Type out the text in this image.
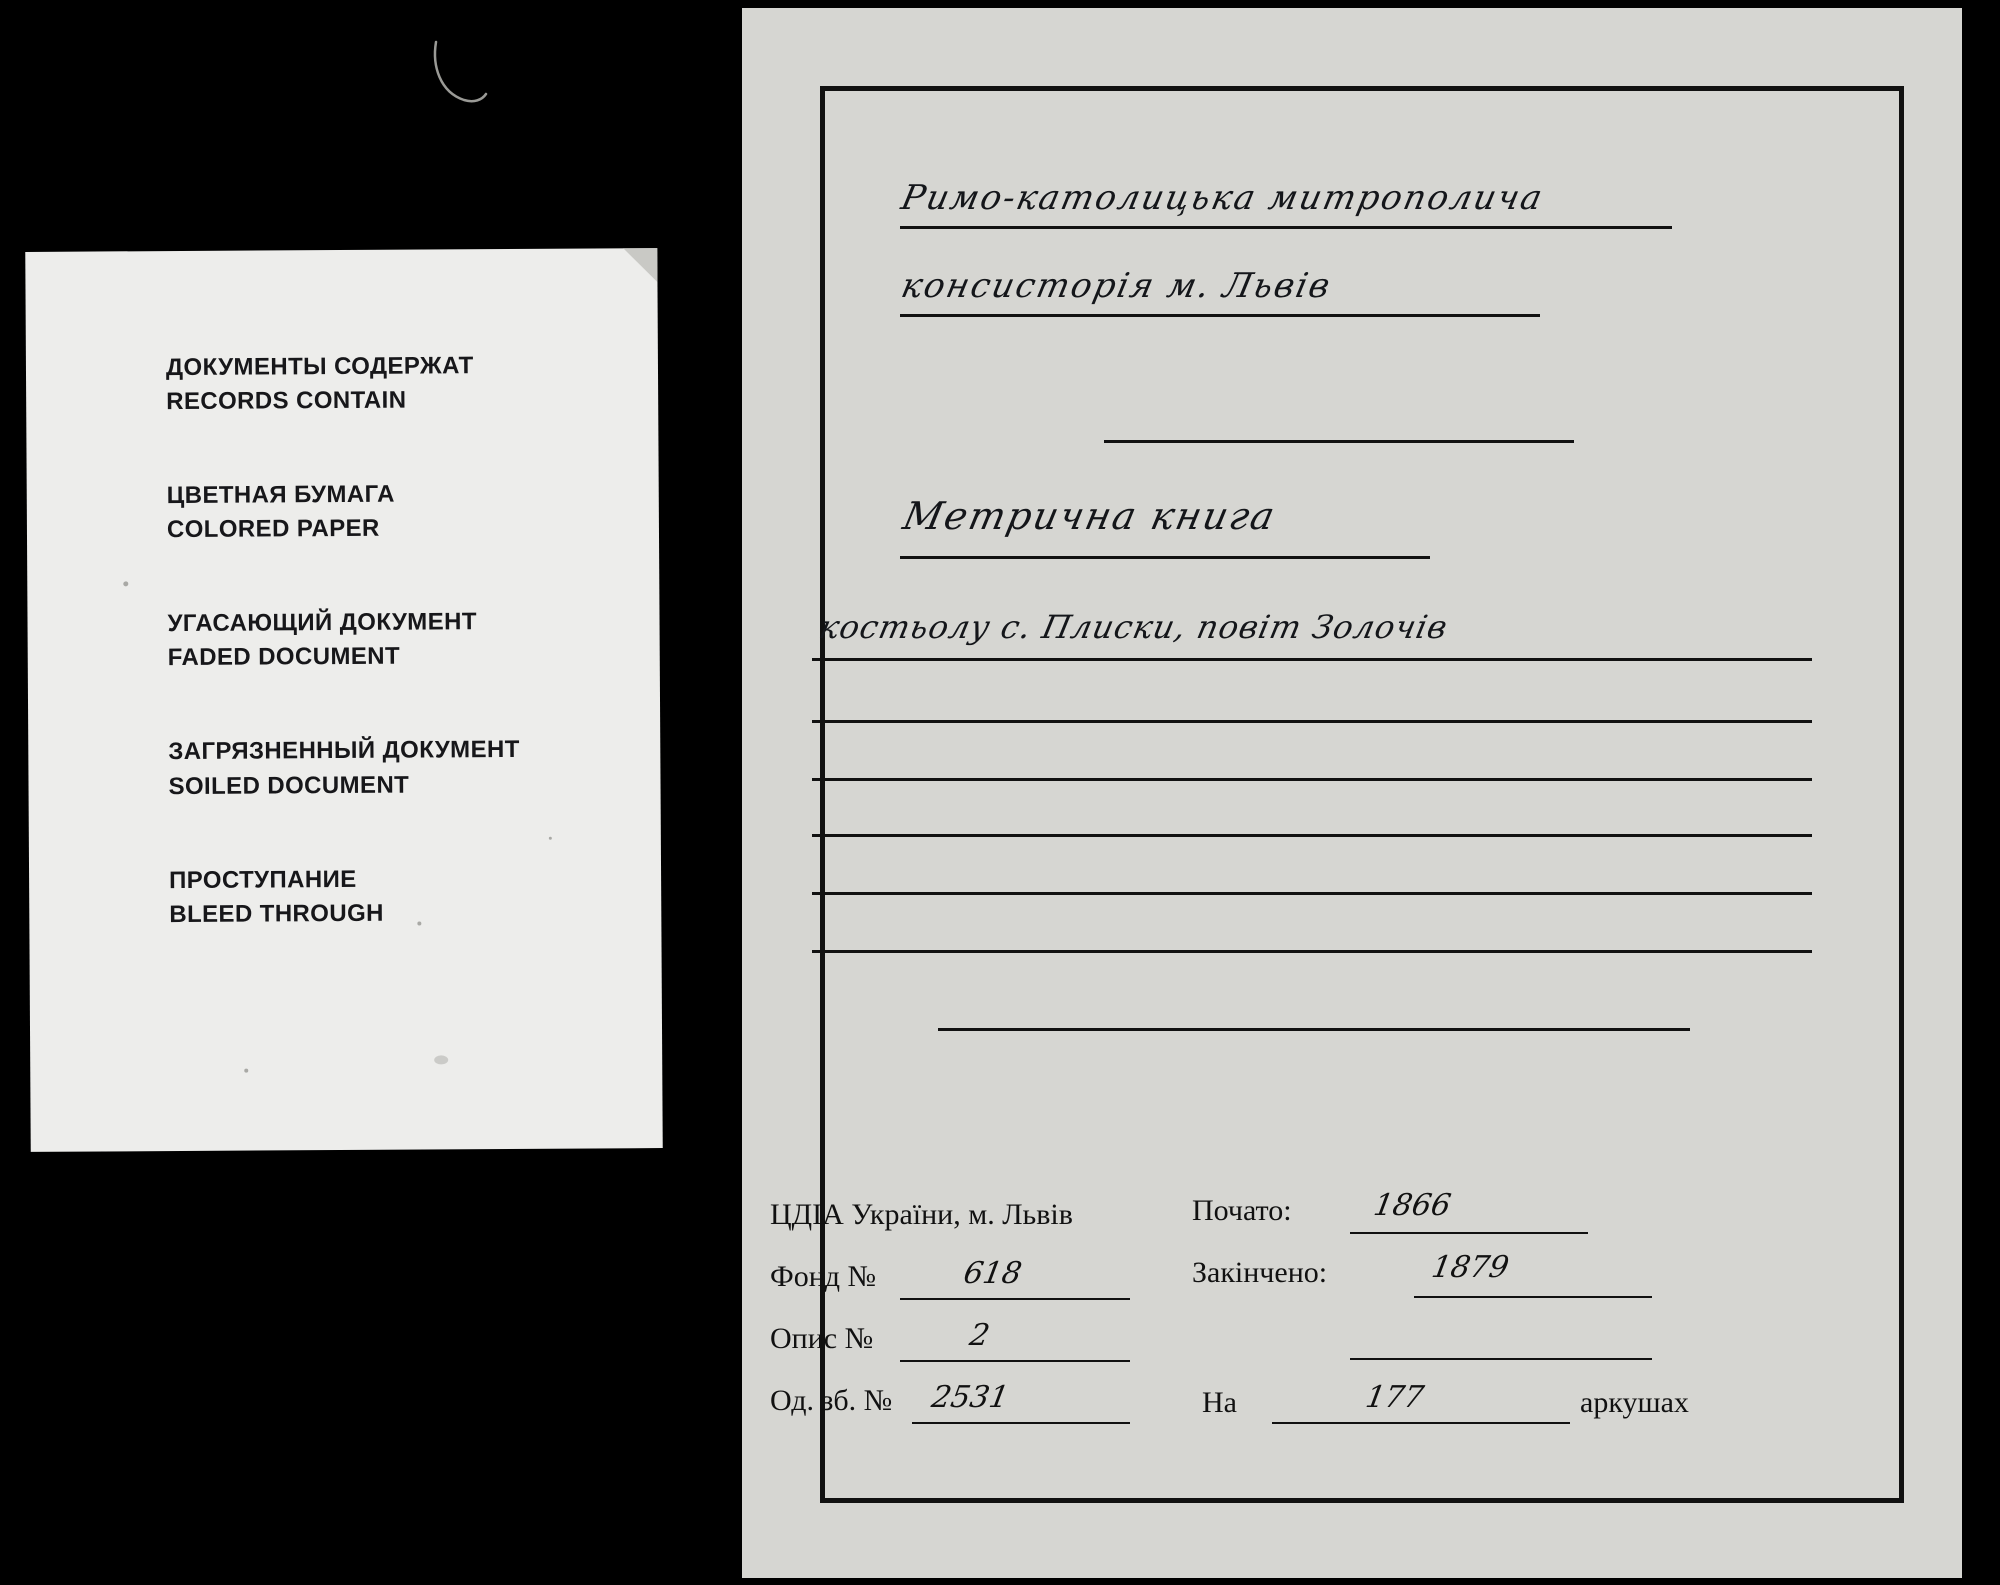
ДОКУМЕНТЫ СОДЕРЖАТ
RECORDS CONTAIN
ЦВЕТНАЯ БУМАГА
COLORED PAPER
УГАСАЮЩИЙ ДОКУМЕНТ
FADED DOCUMENT
ЗАГРЯЗНЕННЫЙ ДОКУМЕНТ
SOILED DOCUMENT
ПРОСТУПАНИЕ
BLEED THROUGH
Римо-католицька митрополича
консисторія м. Львів
Метрична книга
костьолу с. Плиски, повіт Золочів
ЦДІА України, м. Львів
Фонд №	618
Опис №	2
Од. зб. № 2531
Почато:	1866
Закінчено:	1879
На	177	аркушах
